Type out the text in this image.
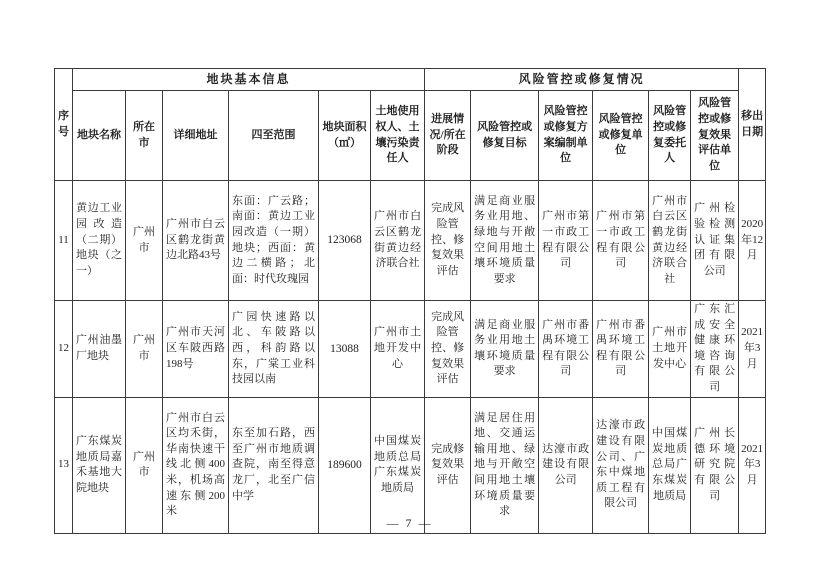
序号	地块基本信息						风险管控或修复情况						移出日期
	地块名称	所在市	详细地址	四至范围	地块面积（㎡）	土地使用权人、土壤污染责任人	进展情况/所在阶段	风险管控或修复目标	风险管控或修复方案编制单位	风险管控或修复单位	风险管控或修复委托人	风险管控或修复效果评估单位	
11	黄边工业园改造（二期）地块（之一）	广州市	广州市白云区鹤龙街黄边北路43号	东面：广云路；南面：黄边工业园改造（一期）地块；西面：黄边二横路；北面：时代玫瑰园	123068	广州市白云区鹤龙街黄边经济联合社	完成风险管控、修复效果评估	满足商业服务业用地、绿地与开敞空间用地土壤环境质量要求	广州市第一市政工程有限公司	广州市第一市政工程有限公司	广州市白云区鹤龙街黄边经济联合社	广州检验检测认证集团有限公司	2020年12月
12	广州油墨厂地块	广州市	广州市天河区车陂西路198号	广园快速路以北、车陂路以西，科韵路以东，广棠工业科技园以南	13088	广州市土地开发中心	完成风险管控、修复效果评估	满足商业服务业用地土壤环境质量要求	广州市番禺环境工程有限公司	广州市番禺环境工程有限公司	广州市土地开发中心	广东汇成安全健康环境咨询有限公司	2021年3月
13	广东煤炭地质局嘉禾基地大院地块	广州市	广州市白云区均禾街，华南快速干线北侧400米，机场高速东侧200米	东至加石路，西至广州市地质调查院，南至得意龙厂，北至广信中学	189600	中国煤炭地质总局广东煤炭地质局	完成修复效果评估	满足居住用地、交通运输用地、绿地与开敞空间用地土壤环境质量要求	达濠市政建设有限公司	达濠市政建设有限公司、广东中煤地质工程有限公司	中国煤炭地质总局广东煤炭地质局	广州长德环境研究院有限公司	2021年3月
— 7 —
